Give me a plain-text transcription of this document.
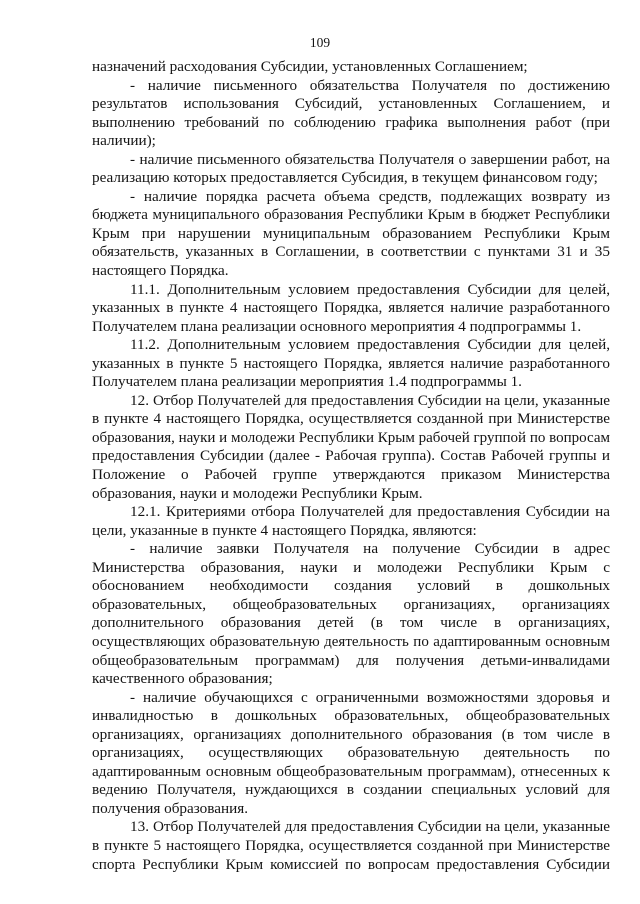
109
назначений расходования Субсидии, установленных Соглашением;
- наличие письменного обязательства Получателя по достижению
результатов использования Субсидий, установленных Соглашением, и
выполнению требований по соблюдению графика выполнения работ (при
наличии);
- наличие письменного обязательства Получателя о завершении работ, на
реализацию которых предоставляется Субсидия, в текущем финансовом году;
- наличие порядка расчета объема средств, подлежащих возврату из
бюджета муниципального образования Республики Крым в бюджет Республики
Крым при нарушении муниципальным образованием Республики Крым
обязательств, указанных в Соглашении, в соответствии с пунктами 31 и 35
настоящего Порядка.
11.1. Дополнительным условием предоставления Субсидии для целей,
указанных в пункте 4 настоящего Порядка, является наличие разработанного
Получателем плана реализации основного мероприятия 4 подпрограммы 1.
11.2. Дополнительным условием предоставления Субсидии для целей,
указанных в пункте 5 настоящего Порядка, является наличие разработанного
Получателем плана реализации мероприятия 1.4 подпрограммы 1.
12. Отбор Получателей для предоставления Субсидии на цели, указанные
в пункте 4 настоящего Порядка, осуществляется созданной при Министерстве
образования, науки и молодежи Республики Крым рабочей группой по вопросам
предоставления Субсидии (далее - Рабочая группа). Состав Рабочей группы и
Положение о Рабочей группе утверждаются приказом Министерства
образования, науки и молодежи Республики Крым.
12.1. Критериями отбора Получателей для предоставления Субсидии на
цели, указанные в пункте 4 настоящего Порядка, являются:
- наличие заявки Получателя на получение Субсидии в адрес
Министерства образования, науки и молодежи Республики Крым с
обоснованием необходимости создания условий в дошкольных
образовательных, общеобразовательных организациях, организациях
дополнительного образования детей (в том числе в организациях,
осуществляющих образовательную деятельность по адаптированным основным
общеобразовательным программам) для получения детьми-инвалидами
качественного образования;
- наличие обучающихся с ограниченными возможностями здоровья и
инвалидностью в дошкольных образовательных, общеобразовательных
организациях, организациях дополнительного образования (в том числе в
организациях, осуществляющих образовательную деятельность по
адаптированным основным общеобразовательным программам), отнесенных к
ведению Получателя, нуждающихся в создании специальных условий для
получения образования.
13. Отбор Получателей для предоставления Субсидии на цели, указанные
в пункте 5 настоящего Порядка, осуществляется созданной при Министерстве
спорта Республики Крым комиссией по вопросам предоставления Субсидии
